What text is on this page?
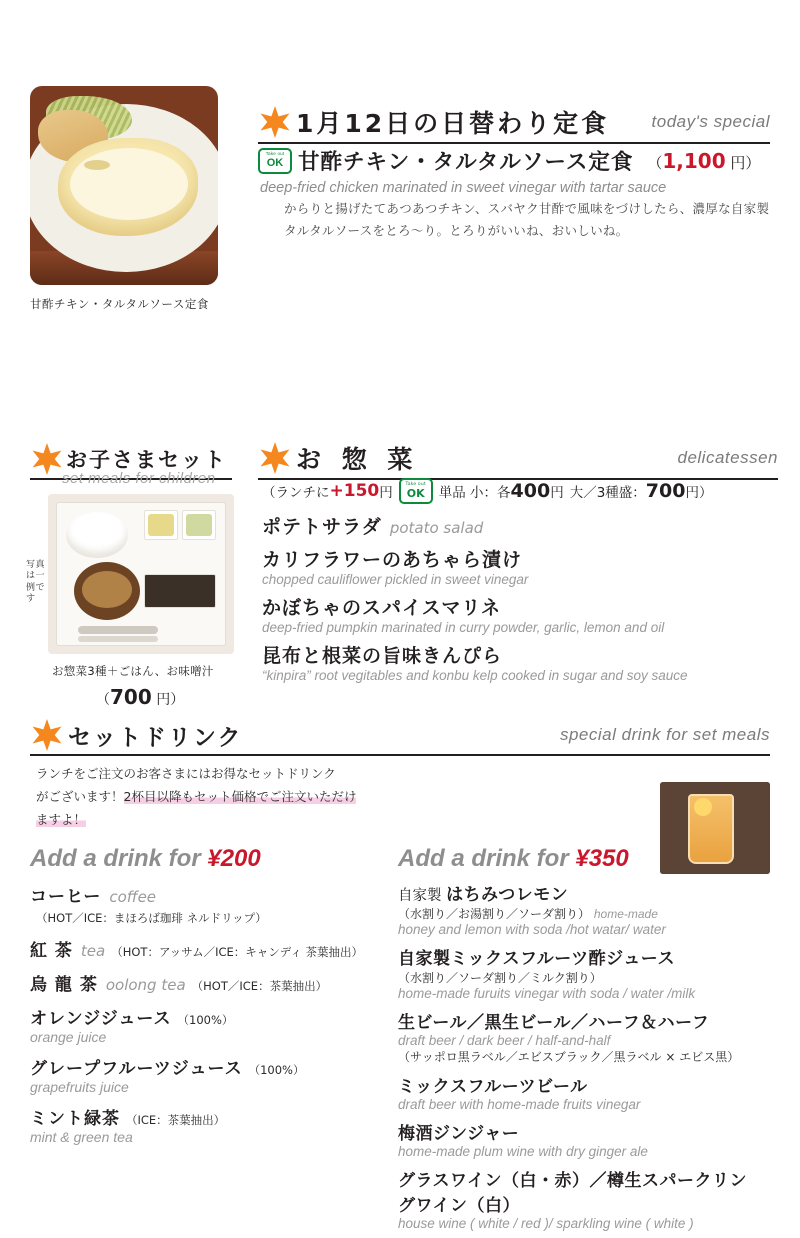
甘酢チキン・タルタルソース定食
1月12日の日替わり定食 today's special
Take out
OK 甘酢チキン・タルタルソース定食 （1,100 円）
deep-fried chicken marinated in sweet vinegar with tartar sauce
からりと揚げたてあつあつチキン、スバヤク甘酢で風味をづけしたら、濃厚な自家製タルタルソースをとろ～り。とろりがいいね、おいしいね。
お子さまセット
set meals for children
写真は一例です
お惣菜3種＋ごはん、お味噌汁
（700 円）
お 惣 菜	delicatessen
（ランチに +150 円
Take out
OK 単品 小：各 400 円 大／3種盛： 700 円）
ポテトサラダ potato salad
カリフラワーのあちゃら漬け
chopped cauliflower pickled in sweet vinegar
かぼちゃのスパイスマリネ
deep-fried pumpkin marinated in curry powder, garlic, lemon and oil
昆布と根菜の旨味きんぴら
“kinpira” root vegitables and konbu kelp cooked in sugar and soy sauce
セットドリンク	special drink for set meals
ランチをご注文のお客さまにはお得なセットドリンク
がございます！2杯目以降もセット価格でご注文いただけ
ますよ！
Add a drink for ¥200
コーヒー coffee（HOT／ICE：まほろば珈琲 ネルドリップ）
紅 茶 tea （HOT：アッサム／ICE：キャンディ 茶葉抽出）
烏 龍 茶 oolong tea （HOT／ICE：茶葉抽出）
オレンジジュース （100%）
orange juice
グレープフルーツジュース （100%）
grapefruits juice
ミント緑茶 （ICE：茶葉抽出）
mint & green tea
Add a drink for ¥350
自家製 はちみつレモン
（水割り／お湯割り／ソーダ割り） home-made
honey and lemon with soda /hot watar/ water
自家製ミックスフルーツ酢ジュース
（水割り／ソーダ割り／ミルク割り）
home-made furuits vinegar with soda / water /milk
生ビール／黒生ビール／ハーフ＆ハーフ
draft beer / dark beer / half-and-half
（サッポロ黒ラベル／エビスブラック／黒ラベル × エビス黒）
ミックスフルーツビール
draft beer with home-made fruits vinegar
梅酒ジンジャー
home-made plum wine with dry ginger ale
グラスワイン（白・赤）／樽生スパークリングワイン（白）
house wine ( white / red )/ sparkling wine ( white )
